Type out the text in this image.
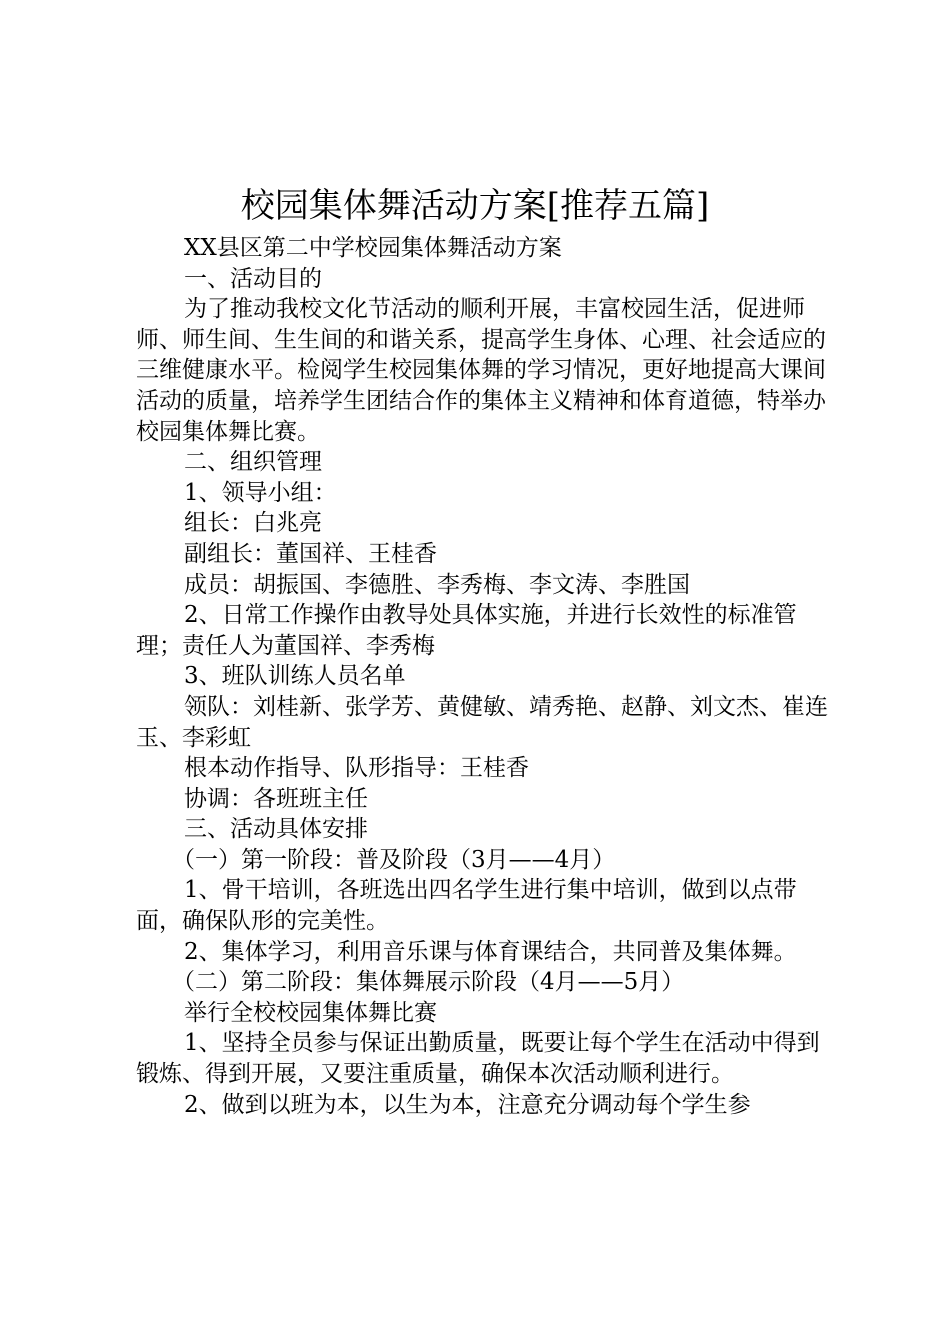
校园集体舞活动方案[推荐五篇]

XX县区第二中学校园集体舞活动方案

一、活动目的

为了推动我校文化节活动的顺利开展，丰富校园生活，促进师师、师生间、生生间的和谐关系，提高学生身体、心理、社会适应的三维健康水平。检阅学生校园集体舞的学习情况，更好地提高大课间活动的质量，培养学生团结合作的集体主义精神和体育道德，特举办校园集体舞比赛。

二、组织管理

1、领导小组：

组长：白兆亮

副组长：董国祥、王桂香

成员：胡振国、李德胜、李秀梅、李文涛、李胜国

2、日常工作操作由教导处具体实施，并进行长效性的标准管理；责任人为董国祥、李秀梅

3、班队训练人员名单

领队：刘桂新、张学芳、黄健敏、靖秀艳、赵静、刘文杰、崔连玉、李彩虹

根本动作指导、队形指导：王桂香

协调：各班班主任

三、活动具体安排

（一）第一阶段：普及阶段（3月——4月）

1、骨干培训，各班选出四名学生进行集中培训，做到以点带面，确保队形的完美性。

2、集体学习，利用音乐课与体育课结合，共同普及集体舞。

（二）第二阶段：集体舞展示阶段（4月——5月）

举行全校校园集体舞比赛

1、坚持全员参与保证出勤质量，既要让每个学生在活动中得到锻炼、得到开展，又要注重质量，确保本次活动顺利进行。

2、做到以班为本，以生为本，注意充分调动每个学生参
